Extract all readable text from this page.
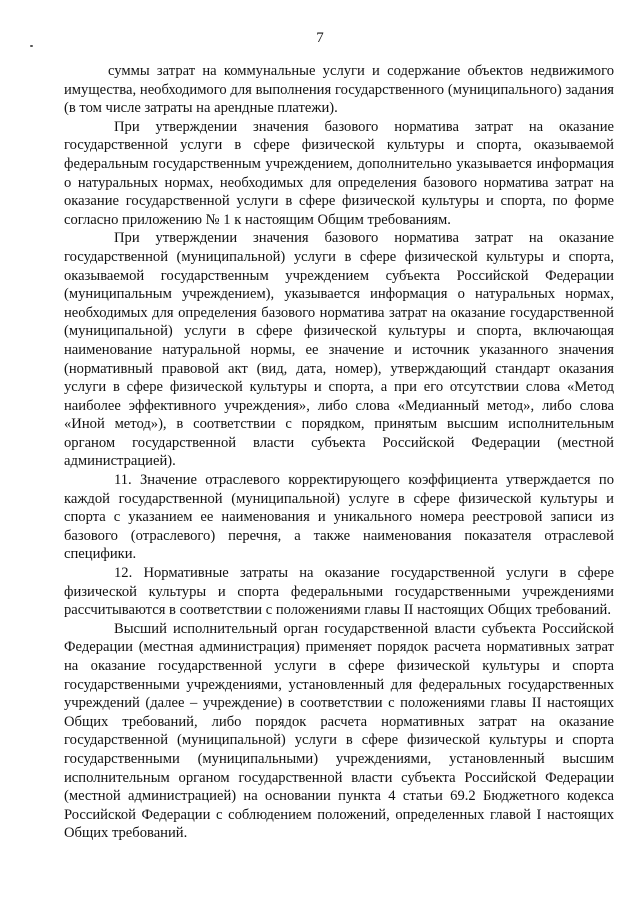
7

суммы затрат на коммунальные услуги и содержание объектов недвижимого имущества, необходимого для выполнения государственного (муниципального) задания (в том числе затраты на арендные платежи).

При утверждении значения базового норматива затрат на оказание государственной услуги в сфере физической культуры и спорта, оказываемой федеральным государственным учреждением, дополнительно указывается информация о натуральных нормах, необходимых для определения базового норматива затрат на оказание государственной услуги в сфере физической культуры и спорта, по форме согласно приложению № 1 к настоящим Общим требованиям.

При утверждении значения базового норматива затрат на оказание государственной (муниципальной) услуги в сфере физической культуры и спорта, оказываемой государственным учреждением субъекта Российской Федерации (муниципальным учреждением), указывается информация о натуральных нормах, необходимых для определения базового норматива затрат на оказание государственной (муниципальной) услуги в сфере физической культуры и спорта, включающая наименование натуральной нормы, ее значение и источник указанного значения (нормативный правовой акт (вид, дата, номер), утверждающий стандарт оказания услуги в сфере физической культуры и спорта, а при его отсутствии слова «Метод наиболее эффективного учреждения», либо слова «Медианный метод», либо слова «Иной метод»), в соответствии с порядком, принятым высшим исполнительным органом государственной власти субъекта Российской Федерации (местной администрацией).

11. Значение отраслевого корректирующего коэффициента утверждается по каждой государственной (муниципальной) услуге в сфере физической культуры и спорта с указанием ее наименования и уникального номера реестровой записи из базового (отраслевого) перечня, а также наименования показателя отраслевой специфики.

12. Нормативные затраты на оказание государственной услуги в сфере физической культуры и спорта федеральными государственными учреждениями рассчитываются в соответствии с положениями главы II настоящих Общих требований.

Высший исполнительный орган государственной власти субъекта Российской Федерации (местная администрация) применяет порядок расчета нормативных затрат на оказание государственной услуги в сфере физической культуры и спорта государственными учреждениями, установленный для федеральных государственных учреждений (далее – учреждение) в соответствии с положениями главы II настоящих Общих требований, либо порядок расчета нормативных затрат на оказание государственной (муниципальной) услуги в сфере физической культуры и спорта государственными (муниципальными) учреждениями, установленный высшим исполнительным органом государственной власти субъекта Российской Федерации (местной администрацией) на основании пункта 4 статьи 69.2 Бюджетного кодекса Российской Федерации с соблюдением положений, определенных главой I настоящих Общих требований.
